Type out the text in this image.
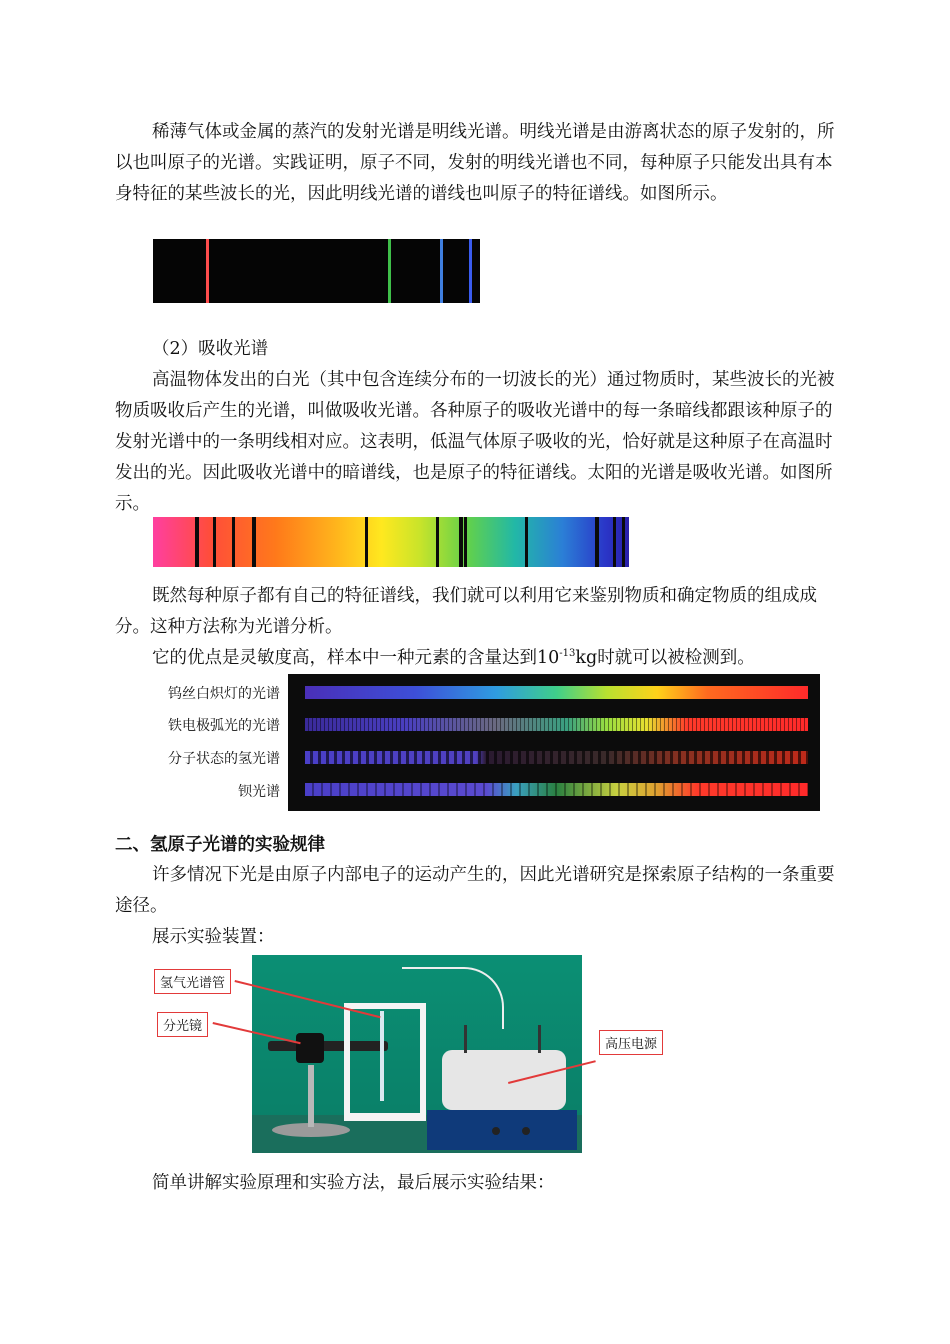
稀薄气体或金属的蒸汽的发射光谱是明线光谱。明线光谱是由游离状态的原子发射的，所以也叫原子的光谱。实践证明，原子不同，发射的明线光谱也不同，每种原子只能发出具有本身特征的某些波长的光，因此明线光谱的谱线也叫原子的特征谱线。如图所示。

（2）吸收光谱

高温物体发出的白光（其中包含连续分布的一切波长的光）通过物质时，某些波长的光被物质吸收后产生的光谱，叫做吸收光谱。各种原子的吸收光谱中的每一条暗线都跟该种原子的发射光谱中的一条明线相对应。这表明，低温气体原子吸收的光，恰好就是这种原子在高温时发出的光。因此吸收光谱中的暗谱线，也是原子的特征谱线。太阳的光谱是吸收光谱。如图所示。

既然每种原子都有自己的特征谱线，我们就可以利用它来鉴别物质和确定物质的组成成分。这种方法称为光谱分析。

它的优点是灵敏度高，样本中一种元素的含量达到$10^{-13}kg$时就可以被检测到。

钨丝白炽灯的光谱
铁电极弧光的光谱
分子状态的氢光谱
钡光谱

二、氢原子光谱的实验规律

许多情况下光是由原子内部电子的运动产生的，因此光谱研究是探索原子结构的一条重要途径。

展示实验装置：

氢气光谱管
分光镜
高压电源

简单讲解实验原理和实验方法，最后展示实验结果：
